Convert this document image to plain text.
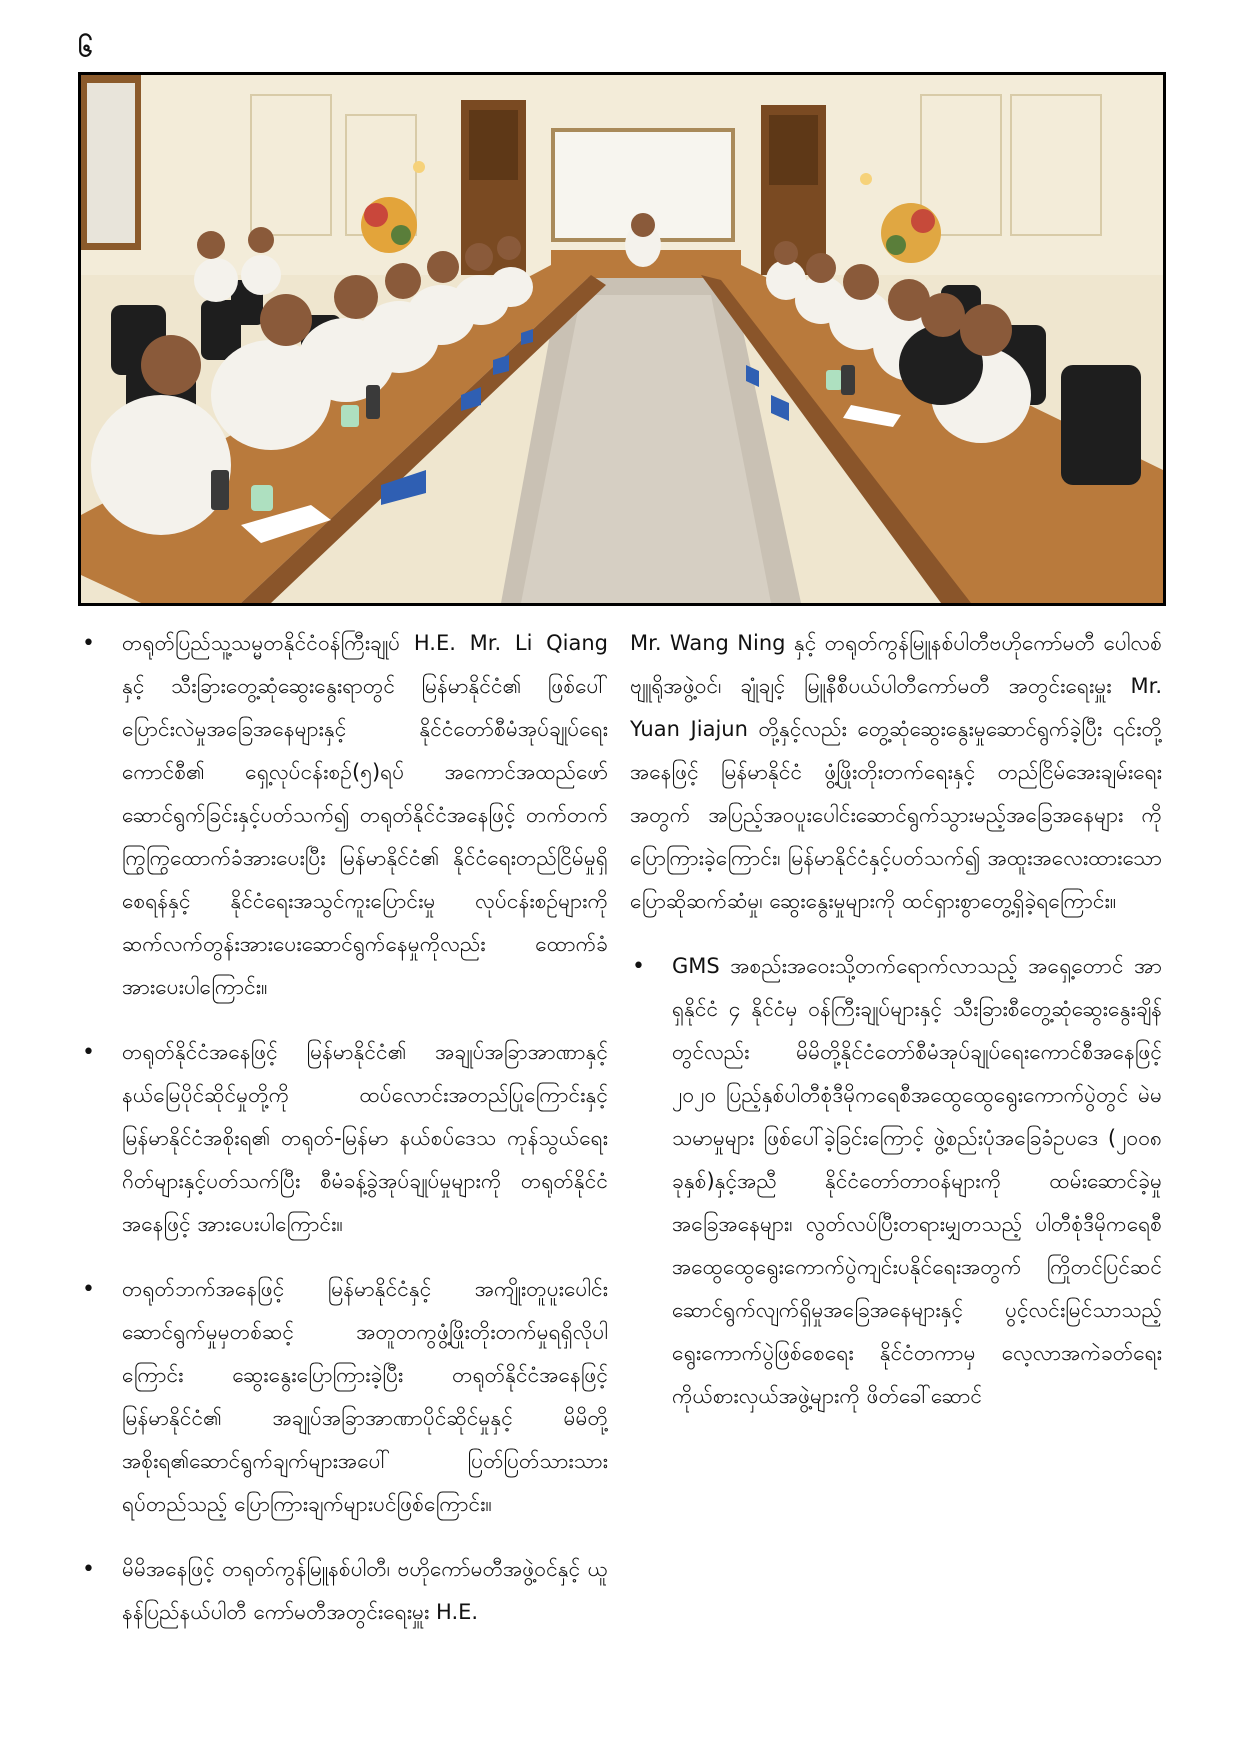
၆
• တရုတ်ပြည်သူ့သမ္မတနိုင်ငံဝန်ကြီးချုပ် H.E. Mr. Li Qiang နှင့် သီးခြားတွေ့ဆုံဆွေးနွေးရာတွင် မြန်မာနိုင်ငံ၏ ဖြစ်ပေါ်ပြောင်းလဲမှုအခြေအနေများနှင့် နိုင်ငံတော်စီမံအုပ်ချုပ်ရေးကောင်စီ၏ ရှေ့လုပ်ငန်းစဉ်(၅)ရပ် အကောင်အထည်ဖော်ဆောင်ရွက်ခြင်းနှင့်ပတ်သက်၍ တရုတ်နိုင်ငံအနေဖြင့် တက်တက်ကြွကြွထောက်ခံအားပေးပြီး မြန်မာနိုင်ငံ၏ နိုင်ငံရေးတည်ငြိမ်မှုရှိစေရန်နှင့် နိုင်ငံရေးအသွင်ကူးပြောင်းမှု လုပ်ငန်းစဉ်များကို ဆက်လက်တွန်းအားပေးဆောင်ရွက်နေမှုကိုလည်း ထောက်ခံအားပေးပါကြောင်း။
• တရုတ်နိုင်ငံအနေဖြင့် မြန်မာနိုင်ငံ၏ အချုပ်အခြာအာဏာနှင့် နယ်မြေပိုင်ဆိုင်မှုတို့ကို ထပ်လောင်းအတည်ပြုကြောင်းနှင့် မြန်မာနိုင်ငံအစိုးရ၏ တရုတ်-မြန်မာ နယ်စပ်ဒေသ ကုန်သွယ်ရေးဂိတ်များနှင့်ပတ်သက်ပြီး စီမံခန့်ခွဲအုပ်ချုပ်မှုများကို တရုတ်နိုင်ငံအနေဖြင့် အားပေးပါကြောင်း။
• တရုတ်ဘက်အနေဖြင့် မြန်မာနိုင်ငံနှင့် အကျိုးတူပူးပေါင်းဆောင်ရွက်မှုမှတစ်ဆင့် အတူတကွဖွံ့ဖြိုးတိုးတက်မှုရရှိလိုပါကြောင်း ဆွေးနွေးပြောကြားခဲ့ပြီး တရုတ်နိုင်ငံအနေဖြင့် မြန်မာနိုင်ငံ၏ အချုပ်အခြာအာဏာပိုင်ဆိုင်မှုနှင့် မိမိတို့အစိုးရ၏ဆောင်ရွက်ချက်များအပေါ် ပြတ်ပြတ်သားသား ရပ်တည်သည့် ပြောကြားချက်များပင်ဖြစ်ကြောင်း။
• မိမိအနေဖြင့် တရုတ်ကွန်မြူနစ်ပါတီ၊ ဗဟိုကော်မတီအဖွဲ့ဝင်နှင့် ယူနန်ပြည်နယ်ပါတီ ကော်မတီအတွင်းရေးမှူး H.E.

Mr. Wang Ning နှင့် တရုတ်ကွန်မြူနစ်ပါတီဗဟိုကော်မတီ ပေါလစ်ဗျူရိုအဖွဲ့ဝင်၊ ချုံချင့် မြူနီစီပယ်ပါတီကော်မတီ အတွင်းရေးမှူး Mr. Yuan Jiajun တို့နှင့်လည်း တွေ့ဆုံဆွေးနွေးမှုဆောင်ရွက်ခဲ့ပြီး ၎င်းတို့အနေဖြင့် မြန်မာနိုင်ငံ ဖွံ့ဖြိုးတိုးတက်ရေးနှင့် တည်ငြိမ်အေးချမ်းရေးအတွက် အပြည့်အဝပူးပေါင်းဆောင်ရွက်သွားမည့်အခြေအနေများ ကိုပြောကြားခဲ့ကြောင်း၊ မြန်မာနိုင်ငံနှင့်ပတ်သက်၍ အထူးအလေးထားသောပြောဆိုဆက်ဆံမှု၊ ဆွေးနွေးမှုများကို ထင်ရှားစွာတွေ့ရှိခဲ့ရကြောင်း။

• GMS အစည်းအဝေးသို့တက်ရောက်လာသည့် အရှေ့တောင် အာရှနိုင်ငံ ၄ နိုင်ငံမှ ဝန်ကြီးချုပ်များနှင့် သီးခြားစီတွေ့ဆုံဆွေးနွေးချိန်တွင်လည်း မိမိတို့နိုင်ငံတော်စီမံအုပ်ချုပ်ရေးကောင်စီအနေဖြင့် ၂၀၂၀ ပြည့်နှစ်ပါတီစုံဒီမိုကရေစီအထွေထွေရွေးကောက်ပွဲတွင် မဲမသမာမှုများ ဖြစ်ပေါ်ခဲ့ခြင်းကြောင့် ဖွဲ့စည်းပုံအခြေခံဥပဒေ (၂၀၀၈ ခုနှစ်)နှင့်အညီ နိုင်ငံတော်တာဝန်များကို ထမ်းဆောင်ခဲ့မှုအခြေအနေများ၊ လွတ်လပ်ပြီးတရားမျှတသည့် ပါတီစုံဒီမိုကရေစီ အထွေထွေရွေးကောက်ပွဲကျင်းပနိုင်ရေးအတွက် ကြိုတင်ပြင်ဆင် ဆောင်ရွက်လျက်ရှိမှုအခြေအနေများနှင့် ပွင့်လင်းမြင်သာသည့် ရွေးကောက်ပွဲဖြစ်စေရေး နိုင်ငံတကာမှ လေ့လာအကဲခတ်ရေးကိုယ်စားလှယ်အဖွဲ့များကို ဖိတ်ခေါ်ဆောင်
